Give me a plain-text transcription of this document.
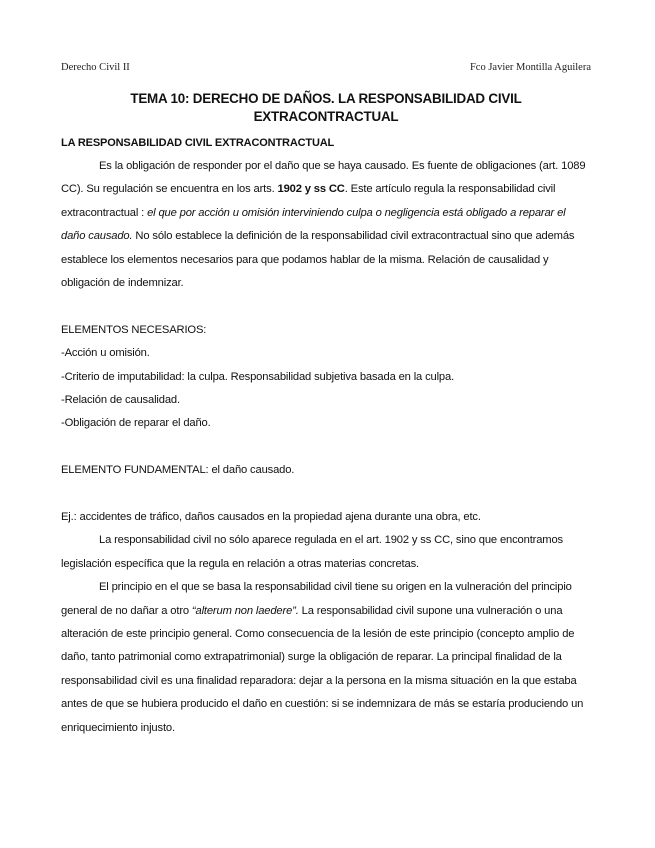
Derecho Civil II	Fco Javier Montilla Aguilera
TEMA 10: DERECHO DE DAÑOS. LA RESPONSABILIDAD CIVIL EXTRACONTRACTUAL
LA RESPONSABILIDAD CIVIL EXTRACONTRACTUAL

Es la obligación de responder por el daño que se haya causado. Es fuente de obligaciones (art. 1089 CC). Su regulación se encuentra en los arts. 1902 y ss CC. Este artículo regula la responsabilidad civil extracontractual : el que por acción u omisión interviniendo culpa o negligencia está obligado a reparar el daño causado. No sólo establece la definición de la responsabilidad civil extracontractual sino que además establece los elementos necesarios para que podamos hablar de la misma. Relación de causalidad y obligación de indemnizar.

ELEMENTOS NECESARIOS:
-Acción u omisión.
-Criterio de imputabilidad: la culpa. Responsabilidad subjetiva basada en la culpa.
-Relación de causalidad.
-Obligación de reparar el daño.
ELEMENTO FUNDAMENTAL: el daño causado.
Ej.: accidentes de tráfico, daños causados en la propiedad ajena durante una obra, etc.

La responsabilidad civil no sólo aparece regulada en el art. 1902 y ss CC, sino que encontramos legislación específica que la regula en relación a otras materias concretas.

El principio en el que se basa la responsabilidad civil tiene su origen en la vulneración del principio general de no dañar a otro “alterum non laedere”. La responsabilidad civil supone una vulneración o una alteración de este principio general. Como consecuencia de la lesión de este principio (concepto amplio de daño, tanto patrimonial como extrapatrimonial) surge la obligación de reparar. La principal finalidad de la responsabilidad civil es una finalidad reparadora: dejar a la persona en la misma situación en la que estaba antes de que se hubiera producido el daño en cuestión: si se indemnizara de más se estaría produciendo un enriquecimiento injusto.
